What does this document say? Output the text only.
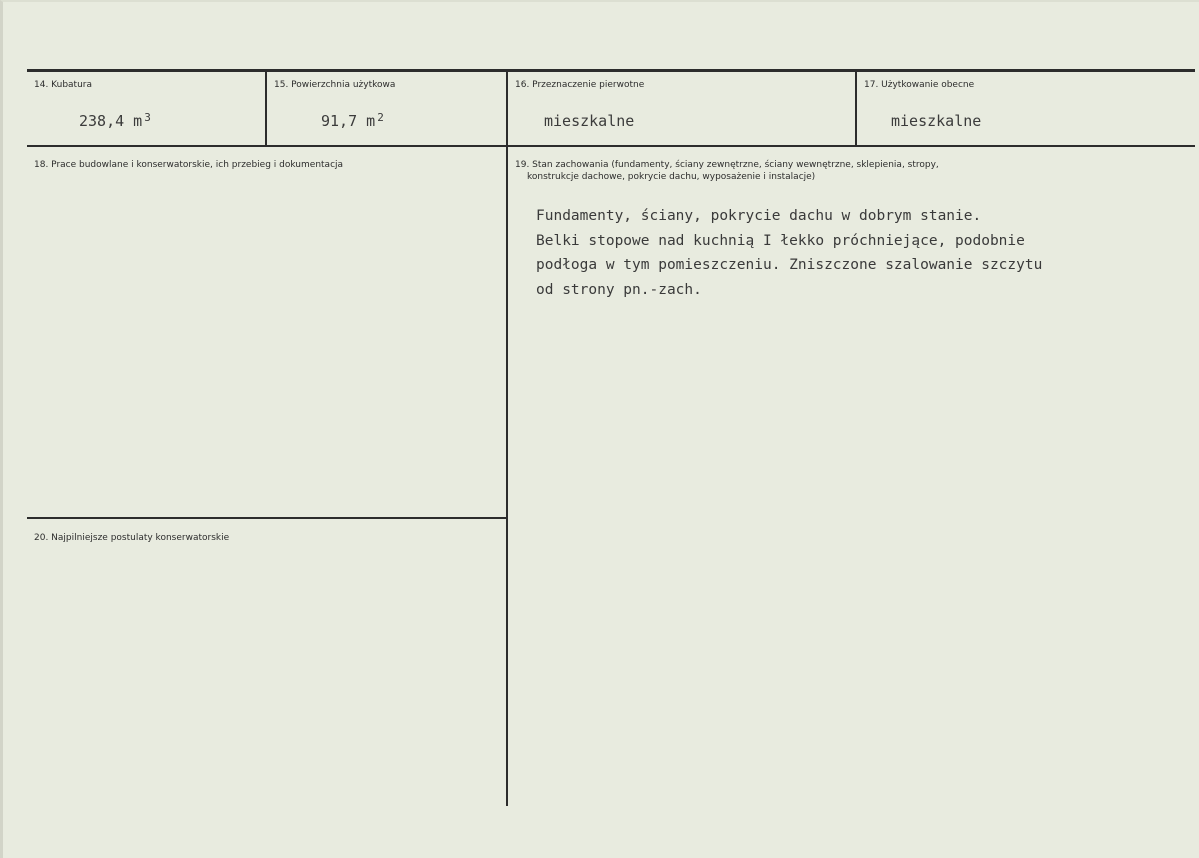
14. Kubatura
238,4 m $^3$
15. Powierzchnia użytkowa
91,7 m $^2$
16. Przeznaczenie pierwotne
mieszkalne
17. Użytkowanie obecne
mieszkalne
18. Prace budowlane i konserwatorskie, ich przebieg i dokumentacja	19. Stan zachowania (fundamenty, ściany zewnętrzne, ściany wewnętrzne, sklepienia, stropy,
konstrukcje dachowe, pokrycie dachu, wyposażenie i instalacje)
Fundamenty, ściany, pokrycie dachu w dobrym stanie.
Belki stopowe nad kuchnią I łekko próchniejące, podobnie
podłoga w tym pomieszczeniu. Zniszczone szalowanie szczytu
od strony pn.-zach.
20. Najpilniejsze postulaty konserwatorskie
